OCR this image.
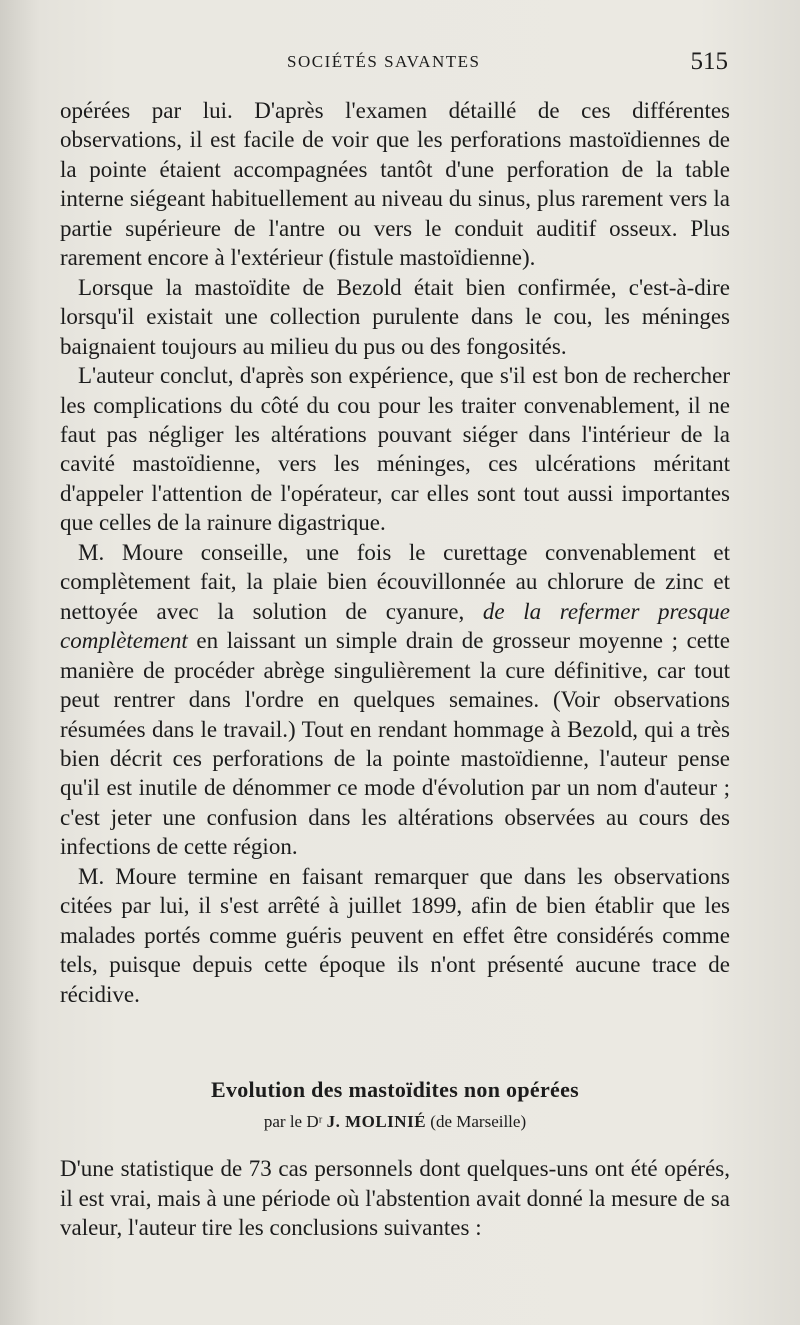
SOCIÉTÉS SAVANTES	515

opérées par lui. D'après l'examen détaillé de ces différentes observations, il est facile de voir que les perforations mastoïdiennes de la pointe étaient accompagnées tantôt d'une perforation de la table interne siégeant habituellement au niveau du sinus, plus rarement vers la partie supérieure de l'antre ou vers le conduit auditif osseux. Plus rarement encore à l'extérieur (fistule mastoïdienne).

Lorsque la mastoïdite de Bezold était bien confirmée, c'est-à-dire lorsqu'il existait une collection purulente dans le cou, les méninges baignaient toujours au milieu du pus ou des fongosités.

L'auteur conclut, d'après son expérience, que s'il est bon de rechercher les complications du côté du cou pour les traiter convenablement, il ne faut pas négliger les altérations pouvant siéger dans l'intérieur de la cavité mastoïdienne, vers les méninges, ces ulcérations méritant d'appeler l'attention de l'opérateur, car elles sont tout aussi importantes que celles de la rainure digastrique.

M. Moure conseille, une fois le curettage convenablement et complètement fait, la plaie bien écouvillonnée au chlorure de zinc et nettoyée avec la solution de cyanure, de la refermer presque complètement en laissant un simple drain de grosseur moyenne ; cette manière de procéder abrège singulièrement la cure définitive, car tout peut rentrer dans l'ordre en quelques semaines. (Voir observations résumées dans le travail.) Tout en rendant hommage à Bezold, qui a très bien décrit ces perforations de la pointe mastoïdienne, l'auteur pense qu'il est inutile de dénommer ce mode d'évolution par un nom d'auteur ; c'est jeter une confusion dans les altérations observées au cours des infections de cette région.

M. Moure termine en faisant remarquer que dans les observations citées par lui, il s'est arrêté à juillet 1899, afin de bien établir que les malades portés comme guéris peuvent en effet être considérés comme tels, puisque depuis cette époque ils n'ont présenté aucune trace de récidive.

Evolution des mastoïdites non opérées
par le Dʳ J. MOLINIÉ (de Marseille)

D'une statistique de 73 cas personnels dont quelques-uns ont été opérés, il est vrai, mais à une période où l'abstention avait donné la mesure de sa valeur, l'auteur tire les conclusions suivantes :
